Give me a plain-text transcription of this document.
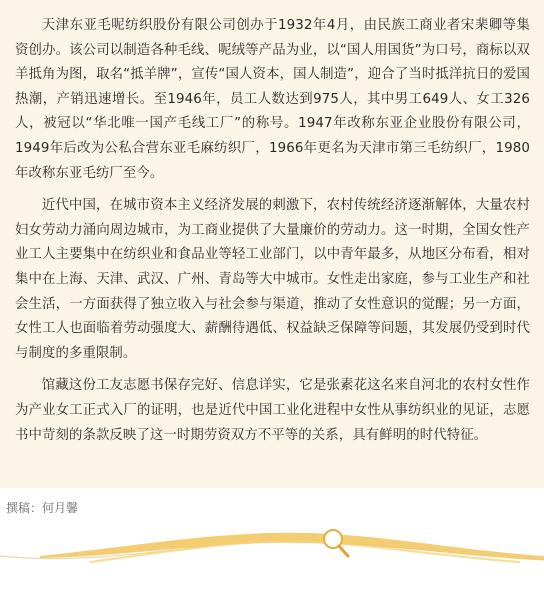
天津东亚毛呢纺织股份有限公司创办于1932年4月，由民族工商业者宋棐卿等集资创办。该公司以制造各种毛线、呢绒等产品为业，以“国人用国货”为口号，商标以双羊抵角为图，取名“抵羊牌”，宣传“国人资本，国人制造”，迎合了当时抵洋抗日的爱国热潮，产销迅速增长。至1946年，员工人数达到975人，其中男工649人、女工326人，被冠以“华北唯一国产毛线工厂”的称号。1947年改称东亚企业股份有限公司，1949年后改为公私合营东亚毛麻纺织厂，1966年更名为天津市第三毛纺织厂，1980年改称东亚毛纺厂至今。

近代中国，在城市资本主义经济发展的刺激下，农村传统经济逐渐解体，大量农村妇女劳动力涌向周边城市，为工商业提供了大量廉价的劳动力。这一时期，全国女性产业工人主要集中在纺织业和食品业等轻工业部门，以中青年最多，从地区分布看，相对集中在上海、天津、武汉、广州、青岛等大中城市。女性走出家庭，参与工业生产和社会生活，一方面获得了独立收入与社会参与渠道，推动了女性意识的觉醒；另一方面，女性工人也面临着劳动强度大、薪酬待遇低、权益缺乏保障等问题，其发展仍受到时代与制度的多重限制。

馆藏这份工友志愿书保存完好、信息详实，它是张素花这名来自河北的农村女性作为产业女工正式入厂的证明，也是近代中国工业化进程中女性从事纺织业的见证，志愿书中苛刻的条款反映了这一时期劳资双方不平等的关系，具有鲜明的时代特征。

撰稿：何月馨
